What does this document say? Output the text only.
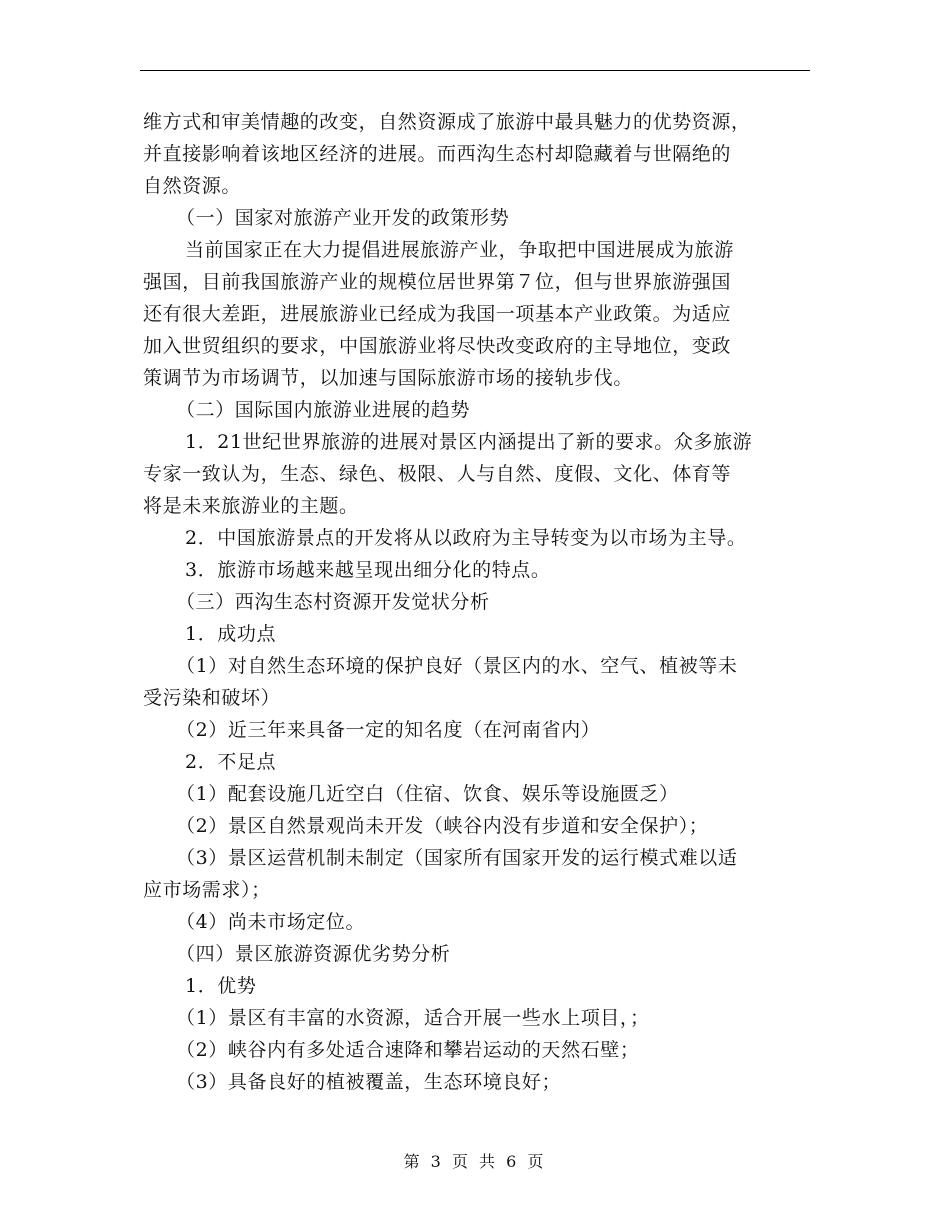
维方式和审美情趣的改变，自然资源成了旅游中最具魅力的优势资源，
并直接影响着该地区经济的进展。而西沟生态村却隐藏着与世隔绝的
自然资源。
（一）国家对旅游产业开发的政策形势
当前国家正在大力提倡进展旅游产业，争取把中国进展成为旅游
强国，目前我国旅游产业的规模位居世界第７位，但与世界旅游强国
还有很大差距，进展旅游业已经成为我国一项基本产业政策。为适应
加入世贸组织的要求，中国旅游业将尽快改变政府的主导地位，变政
策调节为市场调节，以加速与国际旅游市场的接轨步伐。
（二）国际国内旅游业进展的趋势
1．21世纪世界旅游的进展对景区内涵提出了新的要求。众多旅游
专家一致认为，生态、绿色、极限、人与自然、度假、文化、体育等
将是未来旅游业的主题。
2．中国旅游景点的开发将从以政府为主导转变为以市场为主导。
3．旅游市场越来越呈现出细分化的特点。
（三）西沟生态村资源开发觉状分析
1．成功点
（1）对自然生态环境的保护良好（景区内的水、空气、植被等未
受污染和破坏）
（2）近三年来具备一定的知名度（在河南省内）
2．不足点
（1）配套设施几近空白（住宿、饮食、娱乐等设施匮乏）
（2）景区自然景观尚未开发（峡谷内没有步道和安全保护）；
（3）景区运营机制未制定（国家所有国家开发的运行模式难以适
应市场需求）；
（4）尚未市场定位。
（四）景区旅游资源优劣势分析
1．优势
（1）景区有丰富的水资源，适合开展一些水上项目，；
（2）峡谷内有多处适合速降和攀岩运动的天然石壁；
（3）具备良好的植被覆盖，生态环境良好；
第 3 页 共 6 页
